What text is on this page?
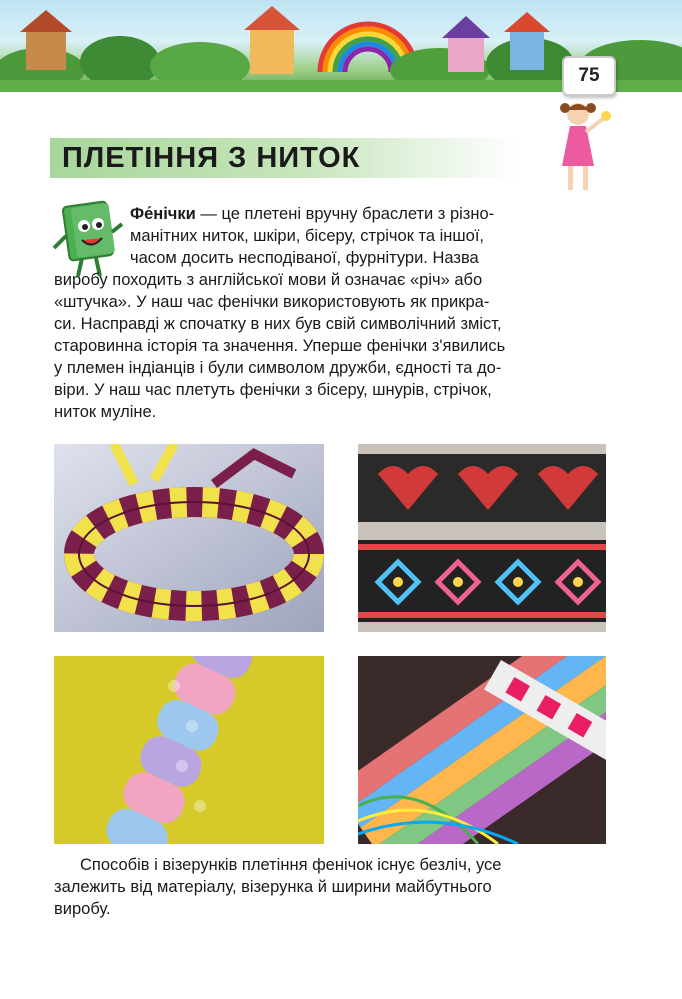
75
ПЛЕТІННЯ З НИТОК

Фе́нічки — це плетені вручну браслети з різно-

манітних ниток, шкіри, бісеру, стрічок та іншої,

часом досить несподіваної, фурнітури. Назва

виробу походить з англійської мови й означає «річ» або

«штучка». У наш час фенічки використовують як прикра-

си. Насправді ж спочатку в них був свій символічний зміст,

старовинна історія та значення. Уперше фенічки з'явились

у племен індіанців і були символом дружби, єдності та до-

віри. У наш час плетуть фенічки з бісеру, шнурів, стрічок,

ниток муліне.

Способів і візерунків плетіння фенічок існує безліч, усе
залежить від матеріалу, візерунка й ширини майбутнього
виробу.
